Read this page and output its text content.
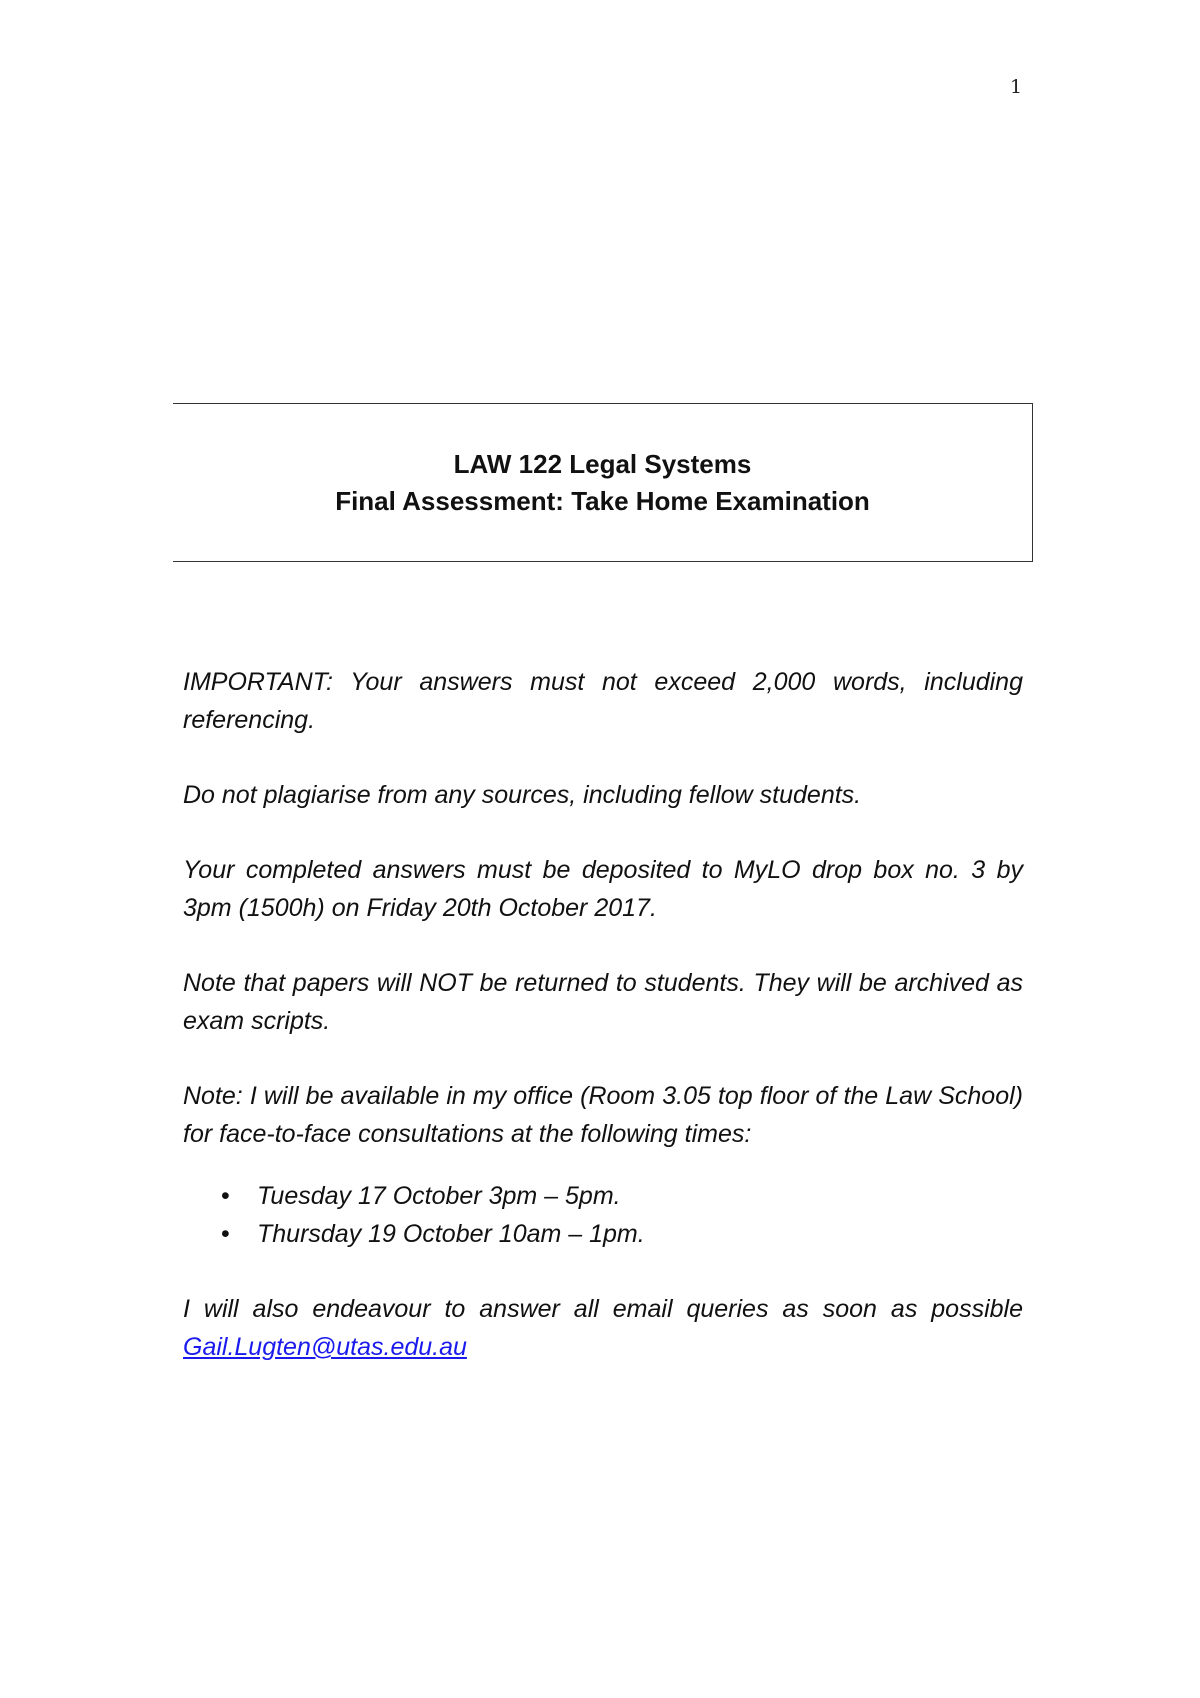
1
LAW 122 Legal Systems
Final Assessment: Take Home Examination

IMPORTANT: Your answers must not exceed 2,000 words, including referencing.

Do not plagiarise from any sources, including fellow students.

Your completed answers must be deposited to MyLO drop box no. 3 by 3pm (1500h) on Friday 20th October 2017.

Note that papers will NOT be returned to students. They will be archived as exam scripts.

Note: I will be available in my office (Room 3.05 top floor of the Law School) for face-to-face consultations at the following times:

• Tuesday 17 October 3pm – 5pm.
• Thursday 19 October 10am – 1pm.

I will also endeavour to answer all email queries as soon as possible Gail.Lugten@utas.edu.au
